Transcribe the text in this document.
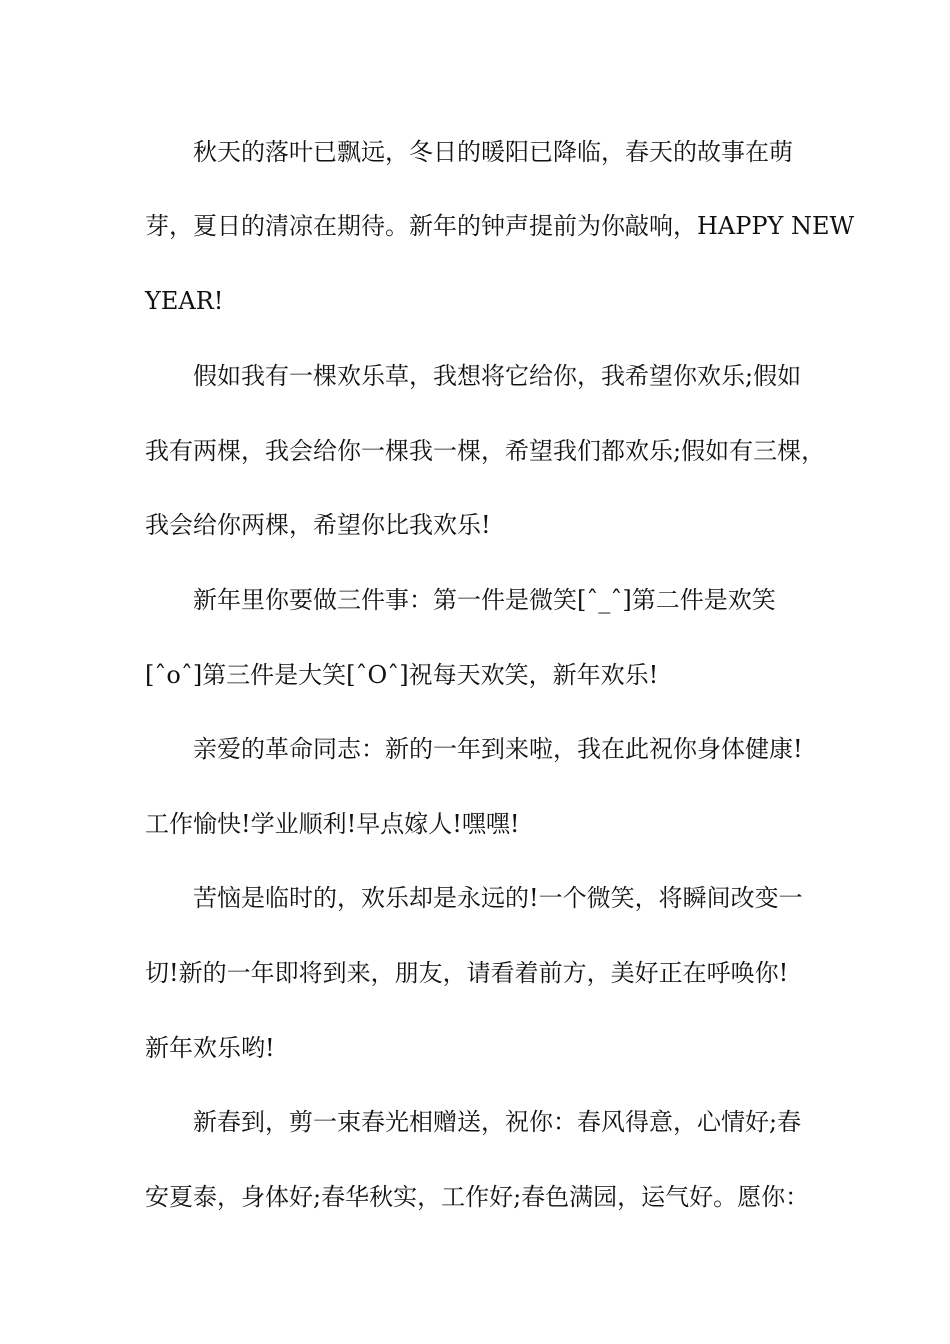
秋天的落叶已飘远，冬日的暖阳已降临，春天的故事在萌
芽，夏日的清凉在期待。新年的钟声提前为你敲响，HAPPY NEW
YEAR!
假如我有一棵欢乐草，我想将它给你，我希望你欢乐;假如
我有两棵，我会给你一棵我一棵，希望我们都欢乐;假如有三棵，
我会给你两棵，希望你比我欢乐!
新年里你要做三件事：第一件是微笑[ˆ_ˆ]第二件是欢笑
[ˆoˆ]第三件是大笑[ˆOˆ]祝每天欢笑，新年欢乐!
亲爱的革命同志：新的一年到来啦，我在此祝你身体健康!
工作愉快!学业顺利!早点嫁人!嘿嘿!
苦恼是临时的，欢乐却是永远的!一个微笑，将瞬间改变一
切!新的一年即将到来，朋友，请看着前方，美好正在呼唤你!
新年欢乐哟!
新春到，剪一束春光相赠送，祝你：春风得意，心情好;春
安夏泰，身体好;春华秋实，工作好;春色满园，运气好。愿你：
